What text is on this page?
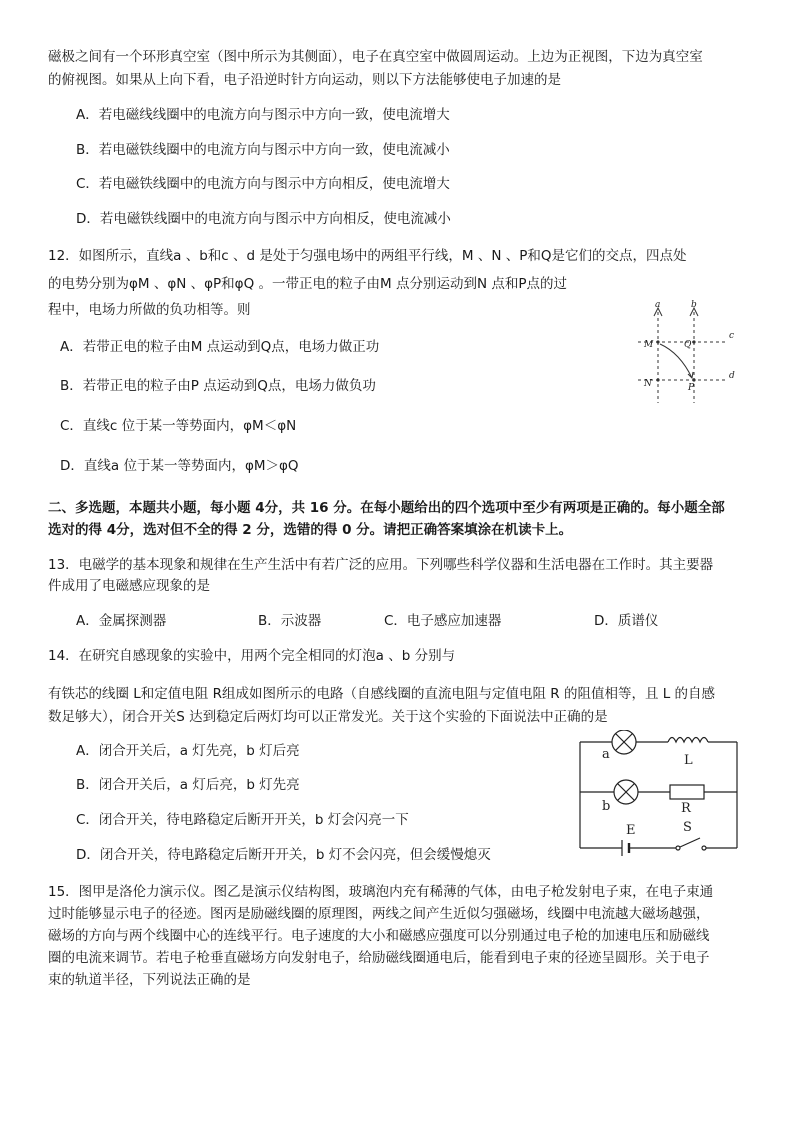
磁极之间有一个环形真空室（图中所示为其侧面），电子在真空室中做圆周运动。上边为正视图，下边为真空室
的俯视图。如果从上向下看，电子沿逆时针方向运动，则以下方法能够使电子加速的是
A．若电磁线线圈中的电流方向与图示中方向一致，使电流增大
B．若电磁铁线圈中的电流方向与图示中方向一致，使电流减小
C．若电磁铁线圈中的电流方向与图示中方向相反，使电流增大
D．若电磁铁线圈中的电流方向与图示中方向相反，使电流减小
12．如图所示，直线a 、b和c 、d 是处于匀强电场中的两组平行线，M 、N 、P和Q是它们的交点，四点处
的电势分别为φM 、φN 、φP和φQ 。一带正电的粒子由M 点分别运动到N 点和P点的过
程中，电场力所做的负功相等。则
A．若带正电的粒子由M 点运动到Q点，电场力做正功
B．若带正电的粒子由P 点运动到Q点，电场力做负功
C．直线c 位于某一等势面内，φM＜φN
D．直线a 位于某一等势面内，φM＞φQ
a	b
c
d
M	Q
N	P
二、多选题，本题共小题，每小题 4分，共 16 分。在每小题给出的四个选项中至少有两项是正确的。每小题全部
选对的得 4分，选对但不全的得 2 分，选错的得 0 分。请把正确答案填涂在机读卡上。
13．电磁学的基本现象和规律在生产生活中有若广泛的应用。下列哪些科学仪器和生活电器在工作时。其主要器
件成用了电磁感应现象的是
A．金属探测器	B．示波器	C．电子感应加速器	D．质谱仪
14．在研究自感现象的实验中，用两个完全相同的灯泡a 、b 分别与
有铁芯的线圈 L和定值电阻 R组成如图所示的电路（自感线圈的直流电阻与定值电阻 R 的阻值相等，且 L 的自感
数足够大），闭合开关S 达到稳定后两灯均可以正常发光。关于这个实验的下面说法中正确的是
A．闭合开关后，a 灯先亮，b 灯后亮
B．闭合开关后，a 灯后亮，b 灯先亮
C．闭合开关，待电路稳定后断开开关，b 灯会闪亮一下
D．闭合开关，待电路稳定后断开开关，b 灯不会闪亮，但会缓慢熄灭
a	L
b	R
E	S
15．图甲是洛伦力演示仪。图乙是演示仪结构图，玻璃泡内充有稀薄的气体，由电子枪发射电子束，在电子束通
过时能够显示电子的径迹。图丙是励磁线圈的原理图，两线之间产生近似匀强磁场，线圈中电流越大磁场越强，
磁场的方向与两个线圈中心的连线平行。电子速度的大小和磁感应强度可以分别通过电子枪的加速电压和励磁线
圈的电流来调节。若电子枪垂直磁场方向发射电子，给励磁线圈通电后，能看到电子束的径迹呈圆形。关于电子
束的轨道半径，下列说法正确的是
